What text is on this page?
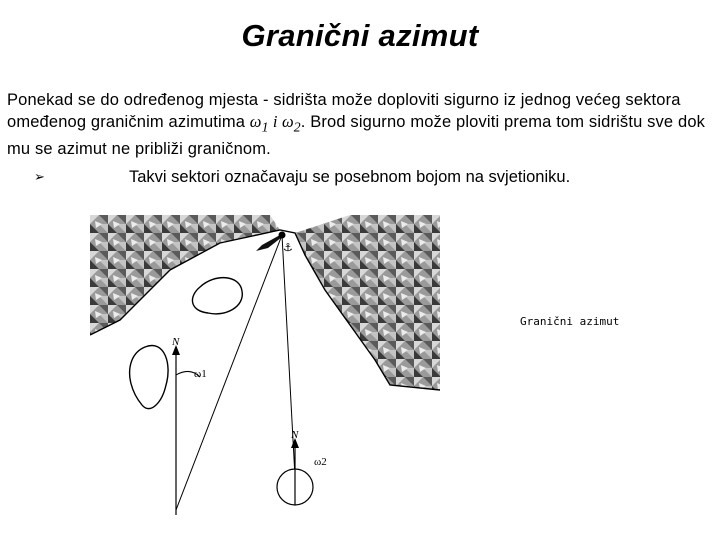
Granični azimut
Ponekad se do određenog mjesta - sidrišta može doploviti sigurno iz jednog većeg sektora omeđenog graničnim azimutima $\omega_1$ i $\omega_2$. Brod sigurno može ploviti prema tom sidrištu sve dok mu se azimut ne približi graničnom.
➢	Takvi sektori označavaju se posebnom bojom na svjetioniku.
⚓
N
ω1
N
ω2
Granični azimut
